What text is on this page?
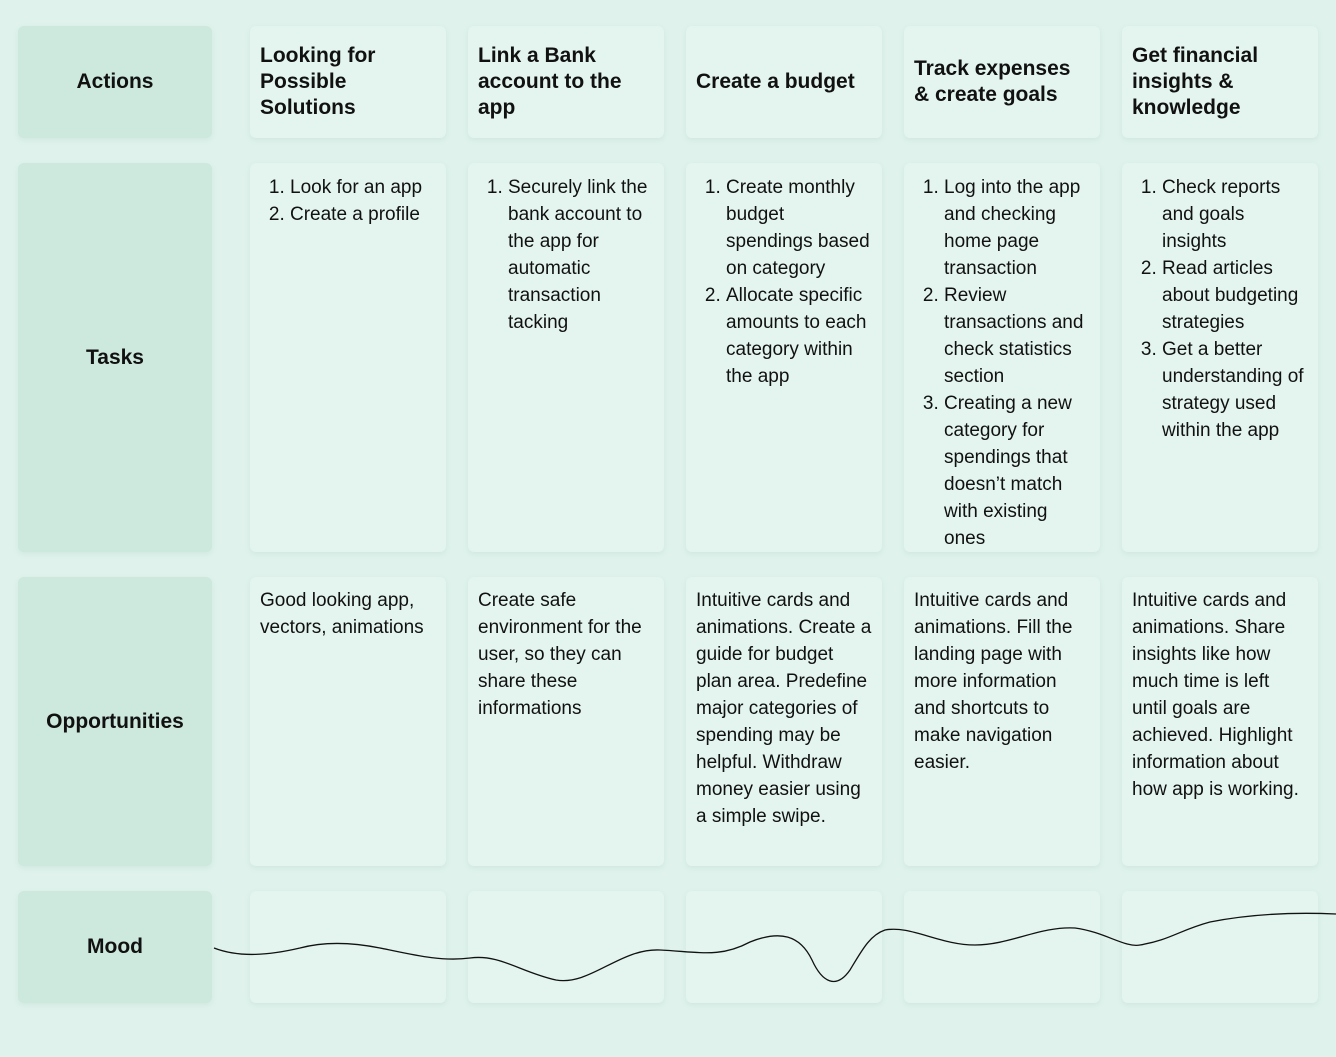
Actions
Tasks
Opportunities
Mood
Looking for Possible Solutions
1. Look for an app
2. Create a profile
Good looking app, vectors, animations
Link a Bank account to the app
1. Securely link the bank account to the app for automatic transaction tacking
Create safe environment for the user, so they can share these informations
Create a budget
1. Create monthly budget spendings based on category
2. Allocate specific amounts to each category within the app
Intuitive cards and animations. Create a guide for budget plan area. Predefine major categories of spending may be helpful. Withdraw money easier using a simple swipe.
Track expenses & create goals
1. Log into the app and checking home page transaction
2. Review transactions and check statistics section
3. Creating a new category for spendings that doesn’t match with existing ones
Intuitive cards and animations. Fill the landing page with more information and shortcuts to make navigation easier.
Get financial insights & knowledge
1. Check reports and goals insights
2. Read articles about budgeting strategies
3. Get a better understanding of strategy used within the app
Intuitive cards and animations. Share insights like how much time is left until goals are achieved. Highlight information about how app is working.
